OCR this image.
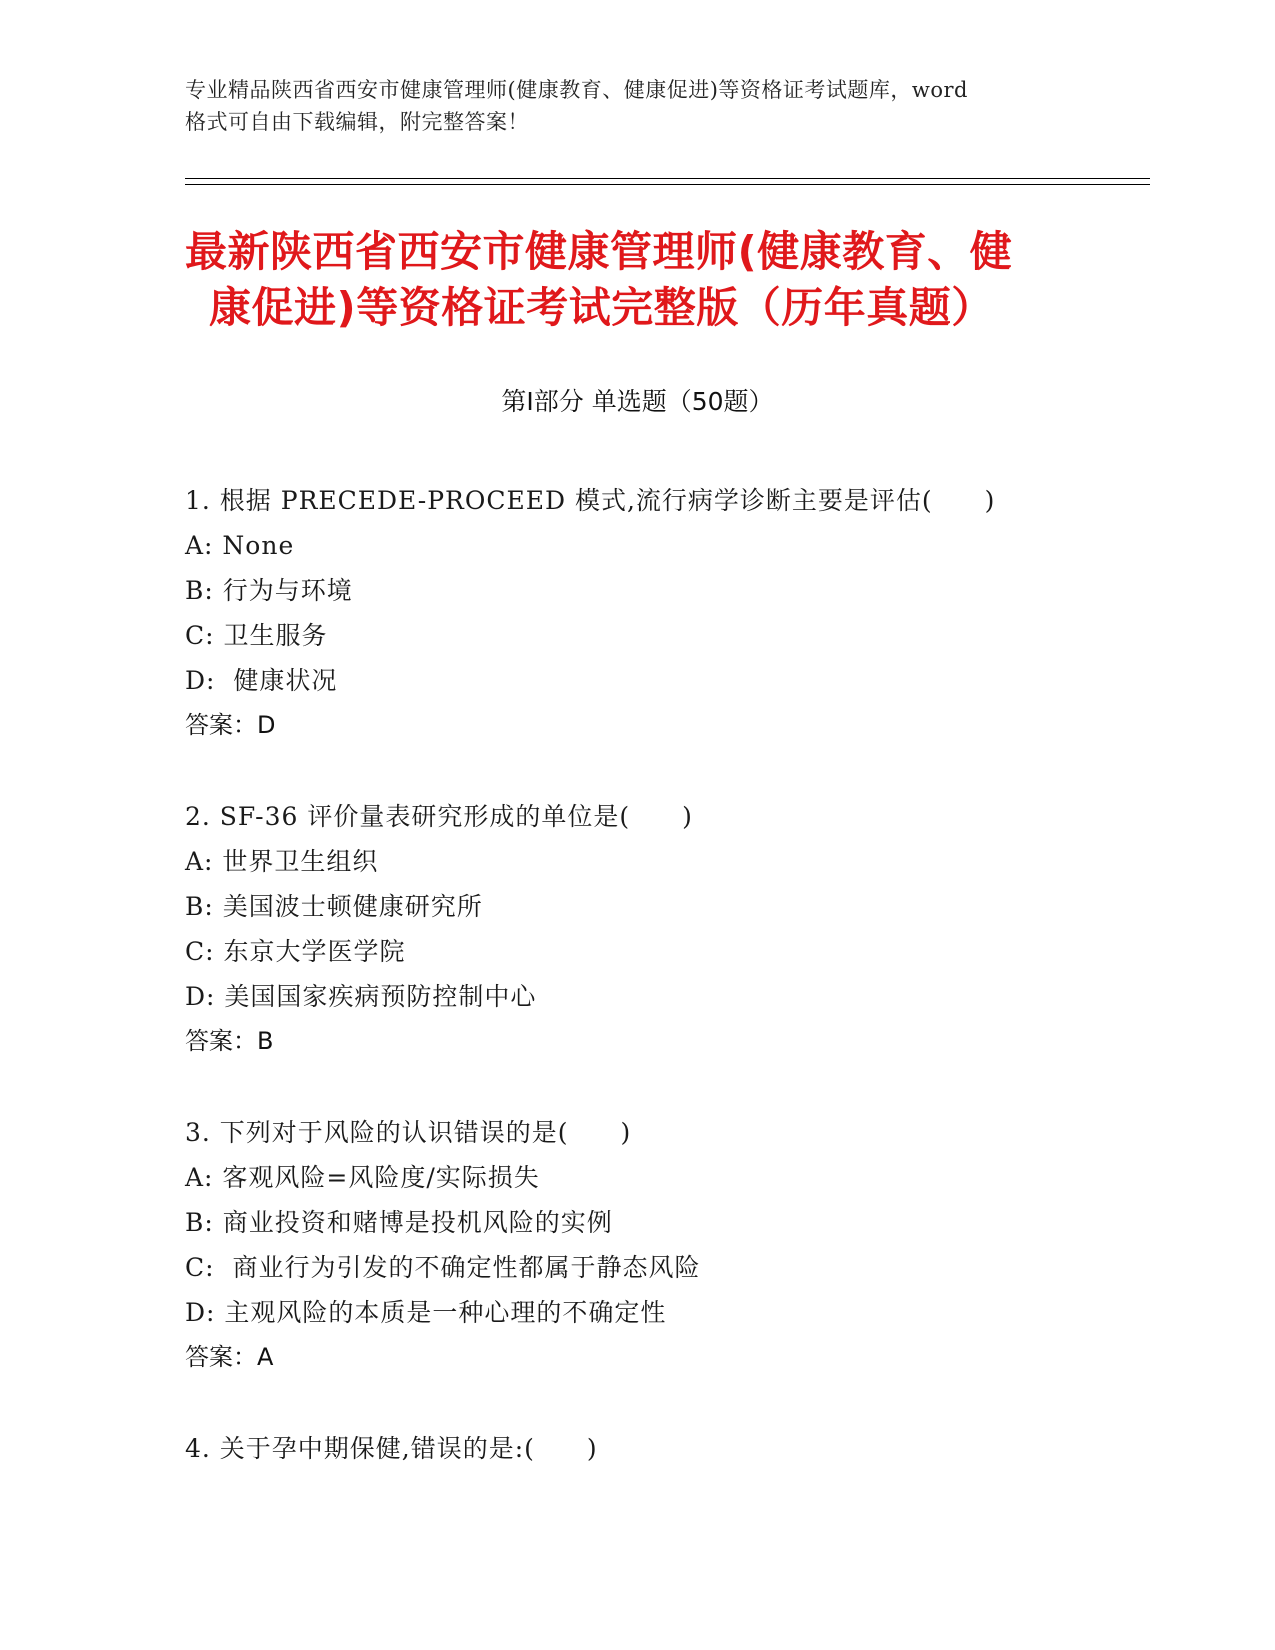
专业精品陕西省西安市健康管理师(健康教育、健康促进)等资格证考试题库，word
格式可自由下载编辑，附完整答案！
最新陕西省西安市健康管理师(健康教育、健
康促进)等资格证考试完整版（历年真题）
第Ⅰ部分 单选题（50题）
1. 根据 PRECEDE-PROCEED 模式,流行病学诊断主要是评估(　　)
A: None
B: 行为与环境
C: 卫生服务
D:  健康状况
答案：D
2. SF-36 评价量表研究形成的单位是(　　)
A: 世界卫生组织
B: 美国波士顿健康研究所
C: 东京大学医学院
D: 美国国家疾病预防控制中心
答案：B
3. 下列对于风险的认识错误的是(　　)
A: 客观风险=风险度/实际损失
B: 商业投资和赌博是投机风险的实例
C:  商业行为引发的不确定性都属于静态风险
D: 主观风险的本质是一种心理的不确定性
答案：A
4. 关于孕中期保健,错误的是:(　　)
